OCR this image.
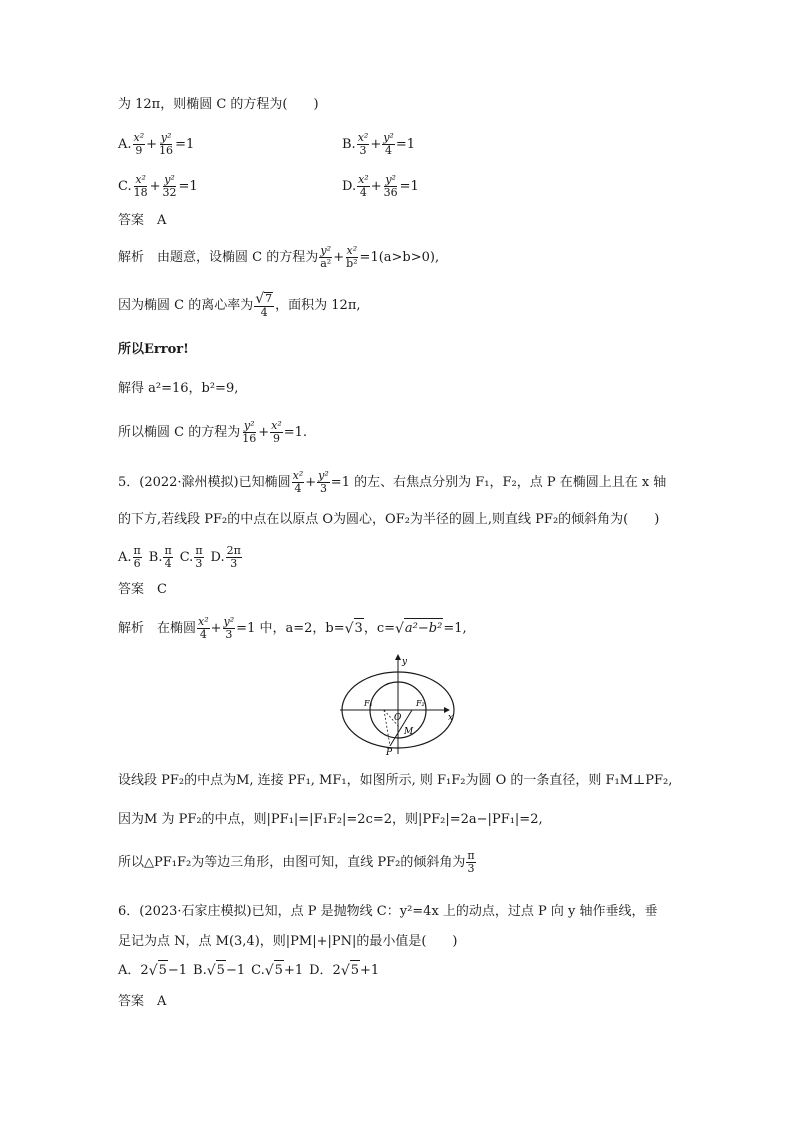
为 12π，则椭圆 C 的方程为(　　)
A. $\frac{\text{x²}}{9} + \frac{\text{y²}}{16} =1$	B. $\frac{\text{x²}}{3} + \frac{\text{y²}}{4} =1$
C. $\frac{\text{x²}}{18} + \frac{\text{y²}}{32} =1$	D. $\frac{\text{x²}}{4} + \frac{\text{y²}}{36} =1$
答案　A
解析　由题意，设椭圆 C 的方程为 $\frac{\text{y²}}{\text{a²}} + \frac{\text{x²}}{\text{b²}} =1(a>b>0)$,
因为椭圆 C 的离心率为 $\frac{√ 7}{4}$ ，面积为 12π,
所以Error!
解得 a²=16，b²=9,
所以椭圆 C 的方程为 $\frac{\text{y²}}{16} + \frac{\text{x²}}{9} =1$.
5．(2022·滁州模拟)已知椭圆 $\frac{\text{x²}}{4} + \frac{\text{y²}}{3} =1$ 的左、右焦点分别为 F₁，F₂，点 P 在椭圆上且在 x 轴
的下方,若线段 PF₂的中点在以原点 O为圆心，OF₂为半径的圆上,则直线 PF₂的倾斜角为(　　)
A. $\frac{\pi}{6} B$. $\frac{\pi}{4} C$. $\frac{\pi}{3} D$. $\frac{2\pi}{3}$
答案　C
解析　在椭圆 $\frac{\text{x²}}{4} + \frac{\text{y²}}{3} =1$ 中，a=2，b= √ 3 ，c= √ a²−b² =1,
y
x
F₁	F₂
O
M
P
设线段 PF₂的中点为M, 连接 PF₁, MF₁，如图所示, 则 F₁F₂为圆 O 的一条直径，则 F₁M⊥PF₂,
因为M 为 PF₂的中点，则|PF₁|=|F₁F₂|=2c=2，则|PF₂|=2a−|PF₁|=2,
所以△PF₁F₂为等边三角形，由图可知，直线 PF₂的倾斜角为 $\frac{\pi}{3}$
6．(2023·石家庄模拟)已知，点 P 是抛物线 C：y²=4x 上的动点，过点 P 向 y 轴作垂线，垂
足记为点 N，点 M(3,4)，则|PM|+|PN|的最小值是(　　)
A．2 √ 5 −1 B. √ 5 −1 C. √ 5 +1 D．2 √ 5 +1
答案　A
